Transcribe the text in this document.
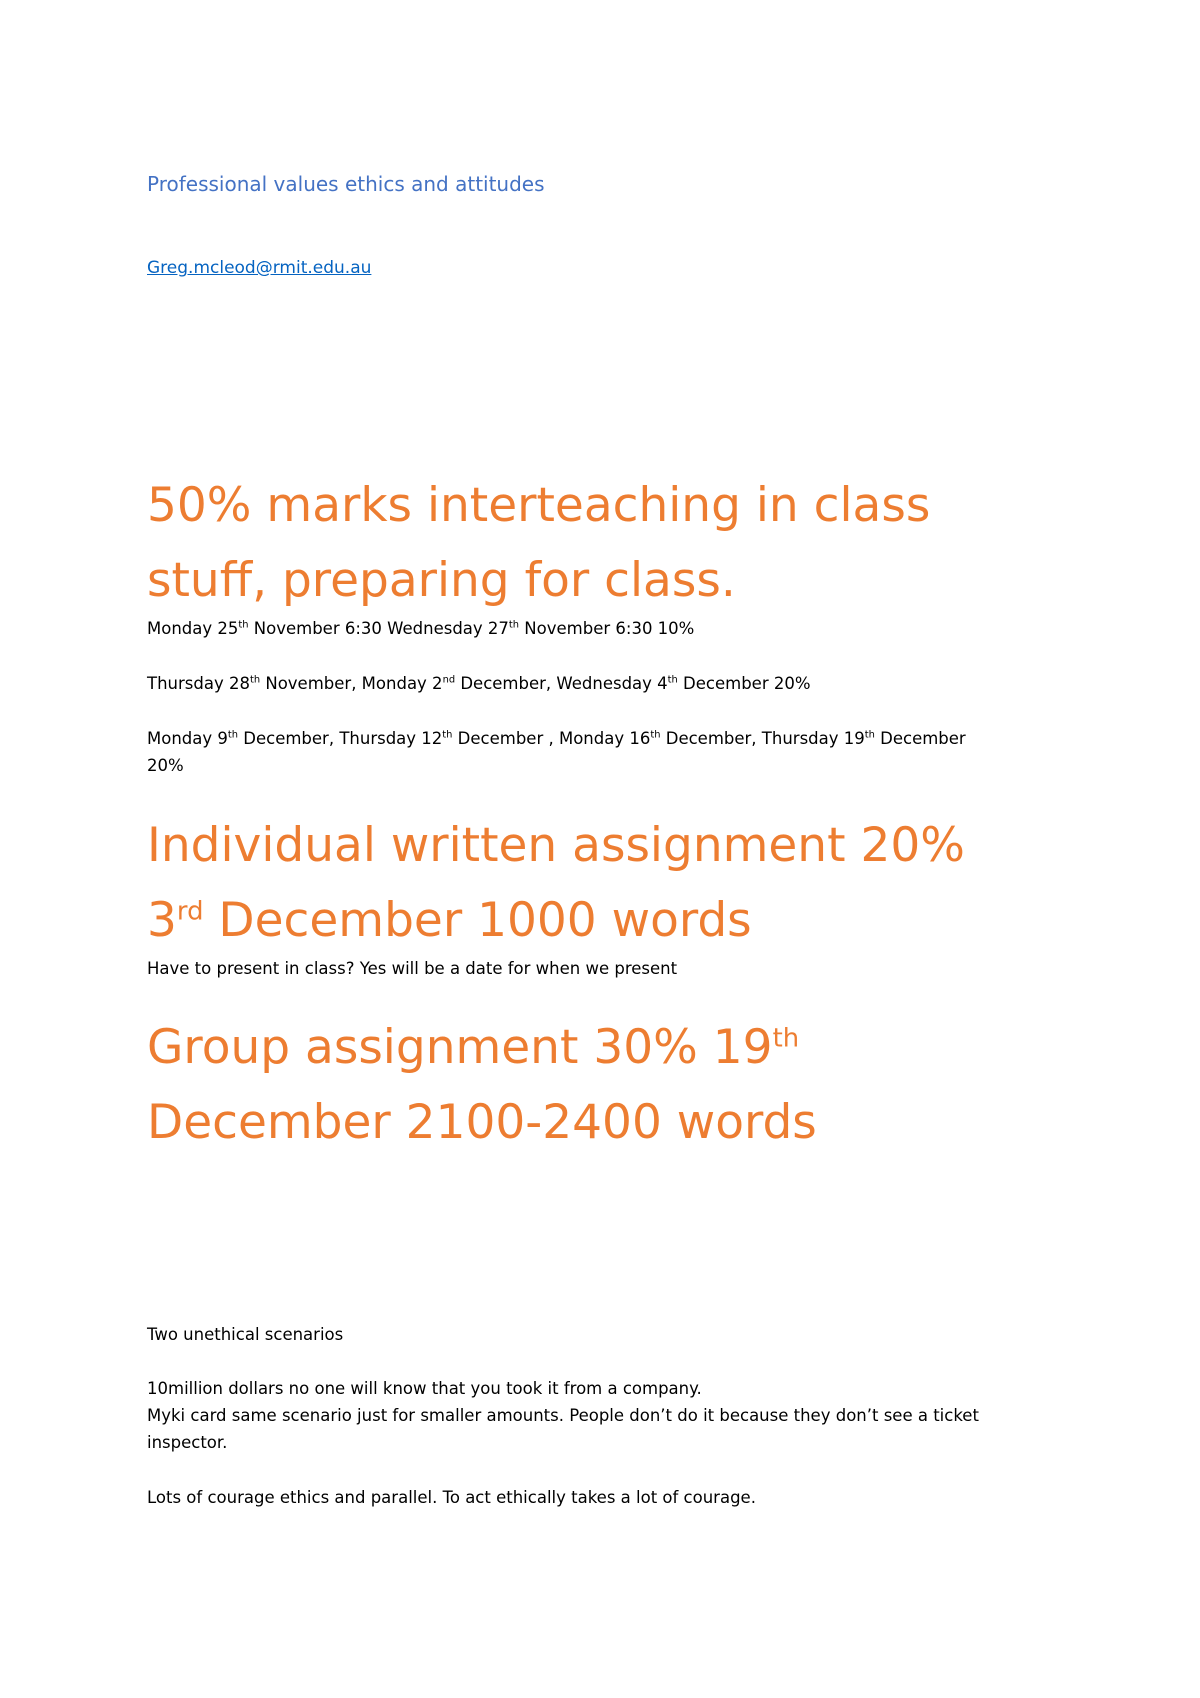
Professional values ethics and attitudes
Greg.mcleod@rmit.edu.au
50% marks interteaching in class
stuff, preparing for class.
Monday 25th November 6:30 Wednesday 27th November 6:30 10%
Thursday 28th November, Monday 2nd December, Wednesday 4th December 20%
Monday 9th December, Thursday 12th December , Monday 16th December, Thursday 19th December
20%
Individual written assignment 20%
3rd December 1000 words
Have to present in class? Yes will be a date for when we present
Group assignment 30% 19th
December 2100-2400 words
Two unethical scenarios
10million dollars no one will know that you took it from a company.
Myki card same scenario just for smaller amounts. People don’t do it because they don’t see a ticket
inspector.
Lots of courage ethics and parallel. To act ethically takes a lot of courage.
